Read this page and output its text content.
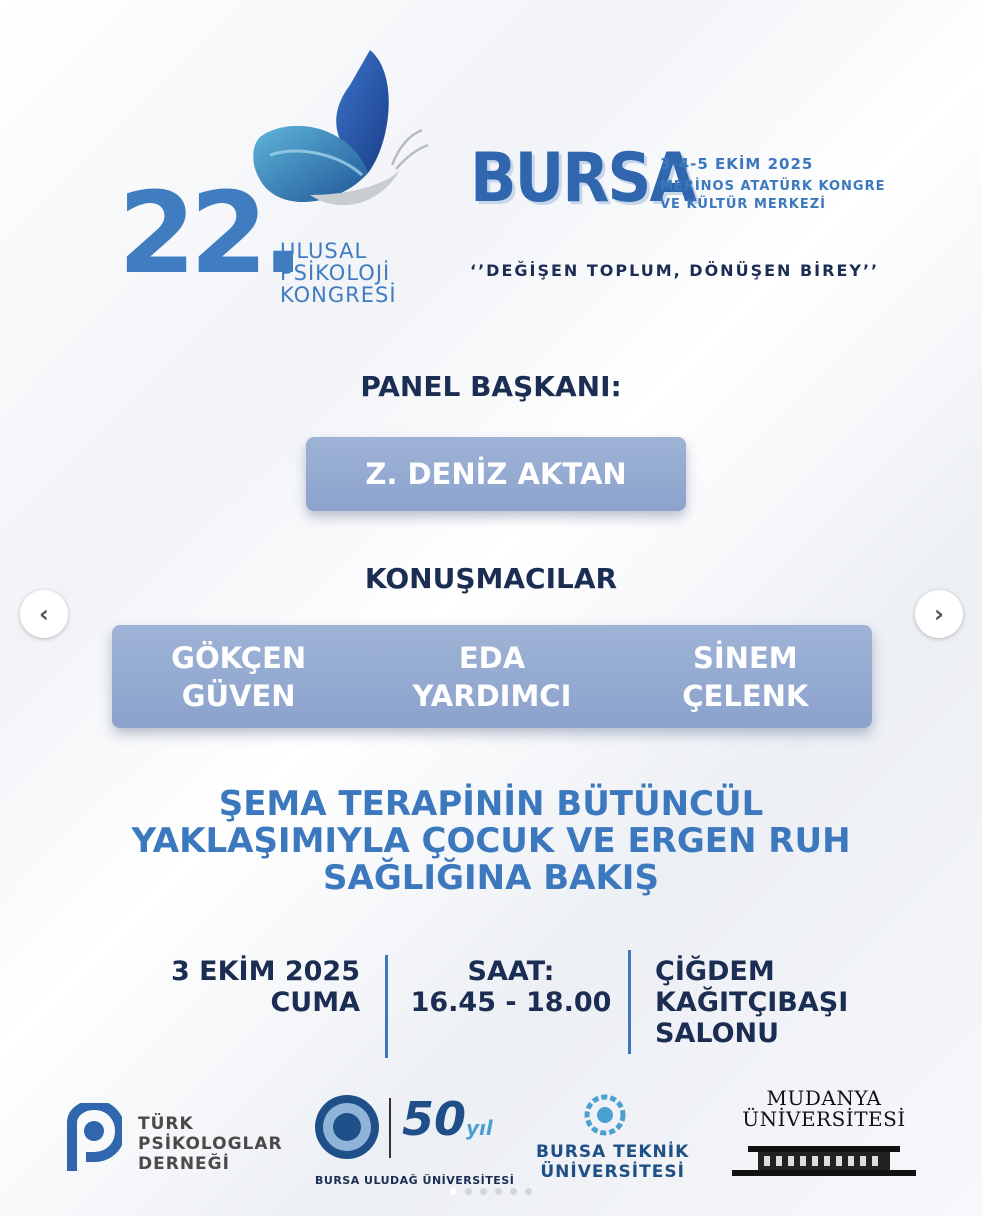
22.
ULUSAL
PSİKOLOJİ
KONGRESİ
BURSA
3-4-5 EKİM 2025
MERİNOS ATATÜRK KONGRE
VE KÜLTÜR MERKEZİ
‘’DEĞİŞEN TOPLUM, DÖNÜŞEN BİREY’’
PANEL BAŞKANI:
Z. DENİZ AKTAN
KONUŞMACILAR
GÖKÇEN
GÜVEN
EDA
YARDIMCI
SİNEM
ÇELENK
‹	›
ŞEMA TERAPİNİN BÜTÜNCÜL
YAKLAŞIMIYLA ÇOCUK VE ERGEN RUH
SAĞLIĞINA BAKIŞ
3 EKİM 2025
CUMA
SAAT:
16.45 - 18.00
ÇİĞDEM
KAĞITÇIBAŞI
SALONU
TÜRK
PSİKOLOGLAR
DERNEĞİ
50yıl
BURSA ULUDAĞ ÜNİVERSİTESİ
BURSA TEKNİK
ÜNİVERSİTESİ
MUDANYA
ÜNİVERSİTESİ
